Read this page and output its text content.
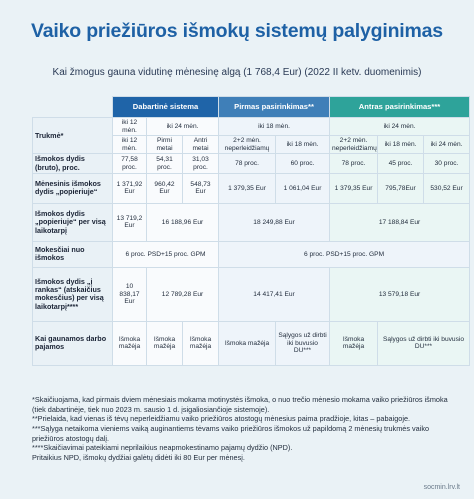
Vaiko priežiūros išmokų sistemų palyginimas
Kai žmogus gauna vidutinę mėnesinę algą (1 768,4 Eur) (2022 II ketv. duomenimis)
	Dabartinė sistema			Pirmas pasirinkimas**		Antras pasirinkimas***		
Trukmė*	iki 12 mėn.	iki 24 mėn.		iki 18 mėn.		iki 24 mėn.		
	iki 12 mėn.	Pirmi metai	Antri metai	2+2 mėn. neperleidžiamų	iki 18 mėn.	2+2 mėn. neperleidžiamų	iki 18 mėn.	iki 24 mėn.
Išmokos dydis (bruto), proc.	77,58 proc.	54,31 proc.	31,03 proc.	78 proc.	60 proc.	78 proc.	45 proc.	30 proc.
Mėnesinis išmokos dydis „popieriuje“	1 371,92 Eur	960,42 Eur	548,73 Eur	1 379,35 Eur	1 061,04 Eur	1 379,35 Eur	795,78Eur	530,52 Eur
Išmokos dydis „popieriuje“ per visą laikotarpį	13 719,2 Eur	16 188,96 Eur		18 249,88 Eur		17 188,84 Eur		
Mokesčiai nuo išmokos	6 proc. PSD+15 proc. GPM			6 proc. PSD+15 proc. GPM				
Išmokos dydis „į rankas“ (atskaičius mokesčius) per visą laikotarpį****	10 838,17 Eur	12 789,28 Eur		14 417,41 Eur		13 579,18 Eur		
Kai gaunamos darbo pajamos	Išmoka mažėja	Išmoka mažėja	Išmoka mažėja	Išmoka mažėja	Sąlygos už dirbti iki buvusio DU***	Išmoka mažėja	Sąlygos už dirbti iki buvusio DU***	

*Skaičiuojama, kad pirmais dviem mėnesiais mokama motinystės išmoka, o nuo trečio mėnesio mokama vaiko priežiūros išmoka (tiek dabartinėje, tiek nuo 2023 m. sausio 1 d. įsigaliosiančioje sistemoje).

**Prielaida, kad vienas iš tėvų neperleidžiamu vaiko priežiūros atostogų mėnesius paima pradžioje, kitas – pabaigoje.

***Sąlyga netaikoma vieniems vaiką auginantiems tėvams vaiko priežiūros išmokos už papildomą 2 mėnesių trukmės vaiko priežiūros atostogų dalį.

****Skaičiavimai pateikiami neprilaikius neapmokestinamo pajamų dydžio (NPD).

Pritaikius NPD, išmokų dydžiai galėtų didėti iki 80 Eur per mėnesį.

socmin.lrv.lt
